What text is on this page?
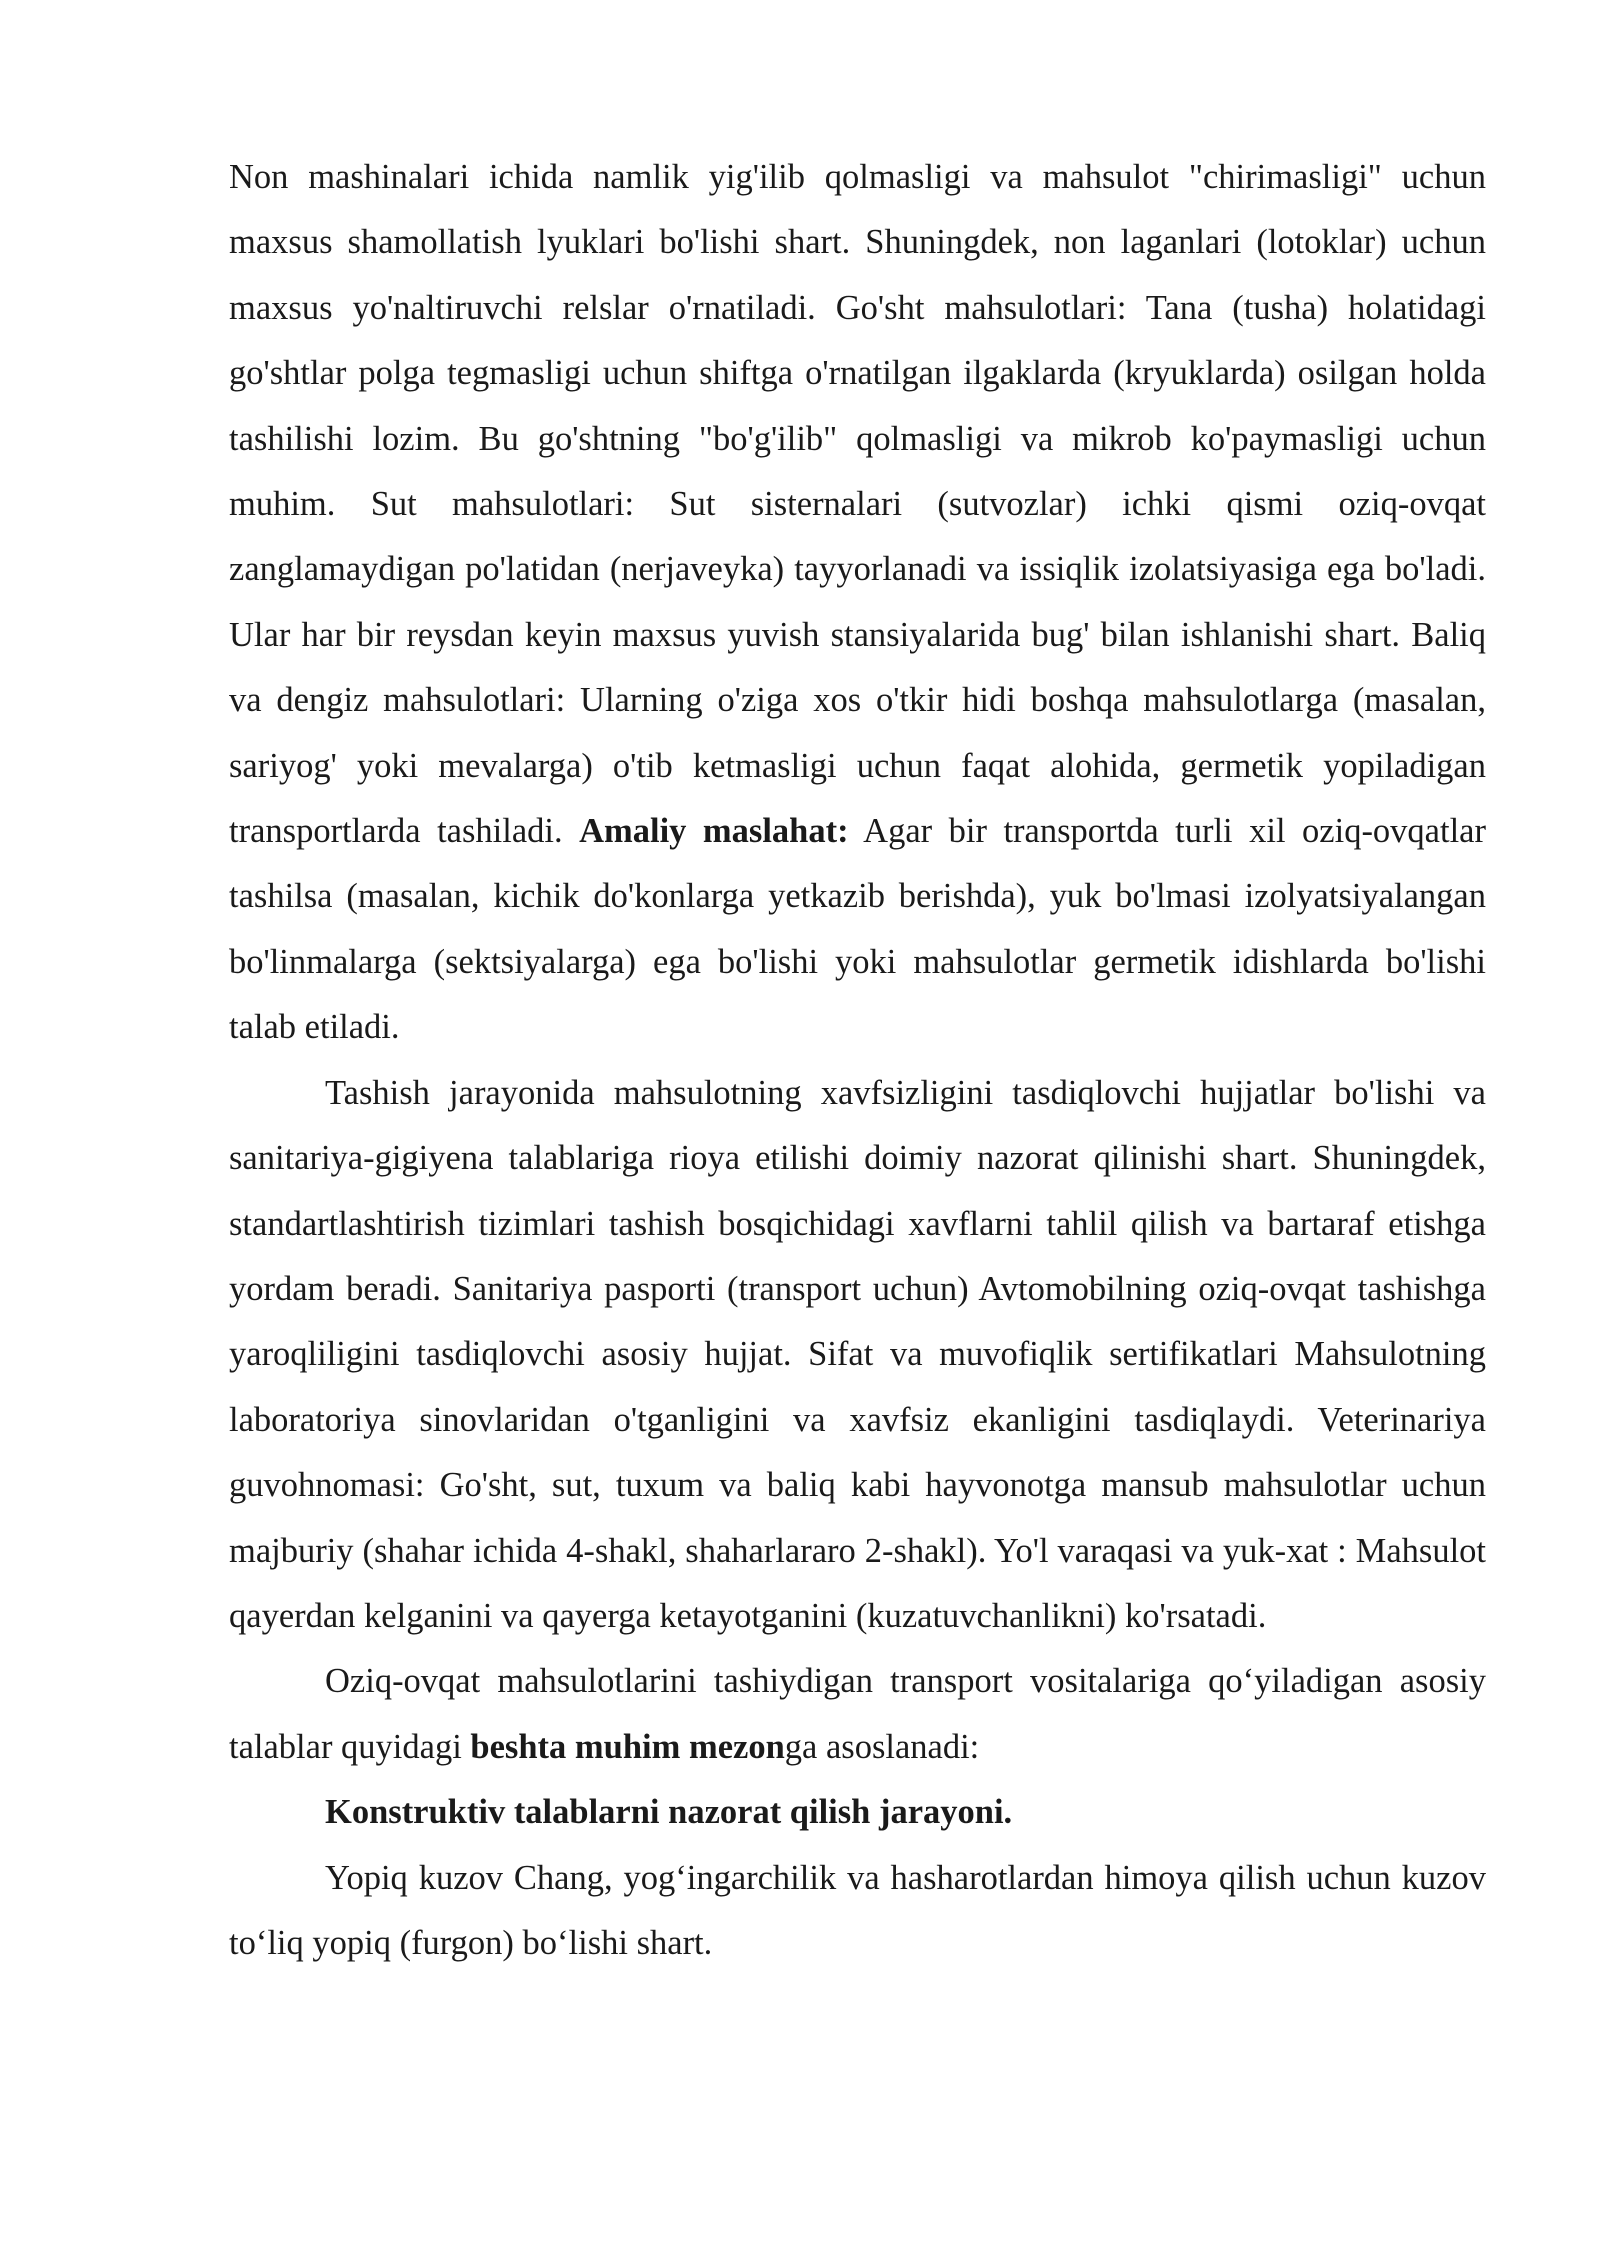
Non mashinalari ichida namlik yig'ilib qolmasligi va mahsulot "chirimasligi" uchun maxsus shamollatish lyuklari bo'lishi shart. Shuningdek, non laganlari (lotoklar) uchun maxsus yo'naltiruvchi relslar o'rnatiladi. Go'sht mahsulotlari: Tana (tusha) holatidagi go'shtlar polga tegmasligi uchun shiftga o'rnatilgan ilgaklarda (kryuklarda) osilgan holda tashilishi lozim. Bu go'shtning "bo'g'ilib" qolmasligi va mikrob ko'paymasligi uchun muhim. Sut mahsulotlari: Sut sisternalari (sutvozlar) ichki qismi oziq-ovqat zanglamaydigan po'latidan (nerjaveyka) tayyorlanadi va issiqlik izolatsiyasiga ega bo'ladi. Ular har bir reysdan keyin maxsus yuvish stansiyalarida bug' bilan ishlanishi shart. Baliq va dengiz mahsulotlari: Ularning o'ziga xos o'tkir hidi boshqa mahsulotlarga (masalan, sariyog' yoki mevalarga) o'tib ketmasligi uchun faqat alohida, germetik yopiladigan transportlarda tashiladi. Amaliy maslahat: Agar bir transportda turli xil oziq-ovqatlar tashilsa (masalan, kichik do'konlarga yetkazib berishda), yuk bo'lmasi izolyatsiyalangan bo'linmalarga (sektsiyalarga) ega bo'lishi yoki mahsulotlar germetik idishlarda bo'lishi talab etiladi.

Tashish jarayonida mahsulotning xavfsizligini tasdiqlovchi hujjatlar bo'lishi va sanitariya-gigiyena talablariga rioya etilishi doimiy nazorat qilinishi shart. Shuningdek, standartlashtirish tizimlari tashish bosqichidagi xavflarni tahlil qilish va bartaraf etishga yordam beradi. Sanitariya pasporti (transport uchun) Avtomobilning oziq-ovqat tashishga yaroqliligini tasdiqlovchi asosiy hujjat. Sifat va muvofiqlik sertifikatlari Mahsulotning laboratoriya sinovlaridan o'tganligini va xavfsiz ekanligini tasdiqlaydi. Veterinariya guvohnomasi: Go'sht, sut, tuxum va baliq kabi hayvonotga mansub mahsulotlar uchun majburiy (shahar ichida 4-shakl, shaharlararo 2-shakl). Yo'l varaqasi va yuk-xat : Mahsulot qayerdan kelganini va qayerga ketayotganini (kuzatuvchanlikni) ko'rsatadi.

Oziq-ovqat mahsulotlarini tashiydigan transport vositalariga qo‘yiladigan asosiy talablar quyidagi beshta muhim mezonga asoslanadi:

Konstruktiv talablarni nazorat qilish jarayoni.

Yopiq kuzov Chang, yog‘ingarchilik va hasharotlardan himoya qilish uchun kuzov to‘liq yopiq (furgon) bo‘lishi shart.
